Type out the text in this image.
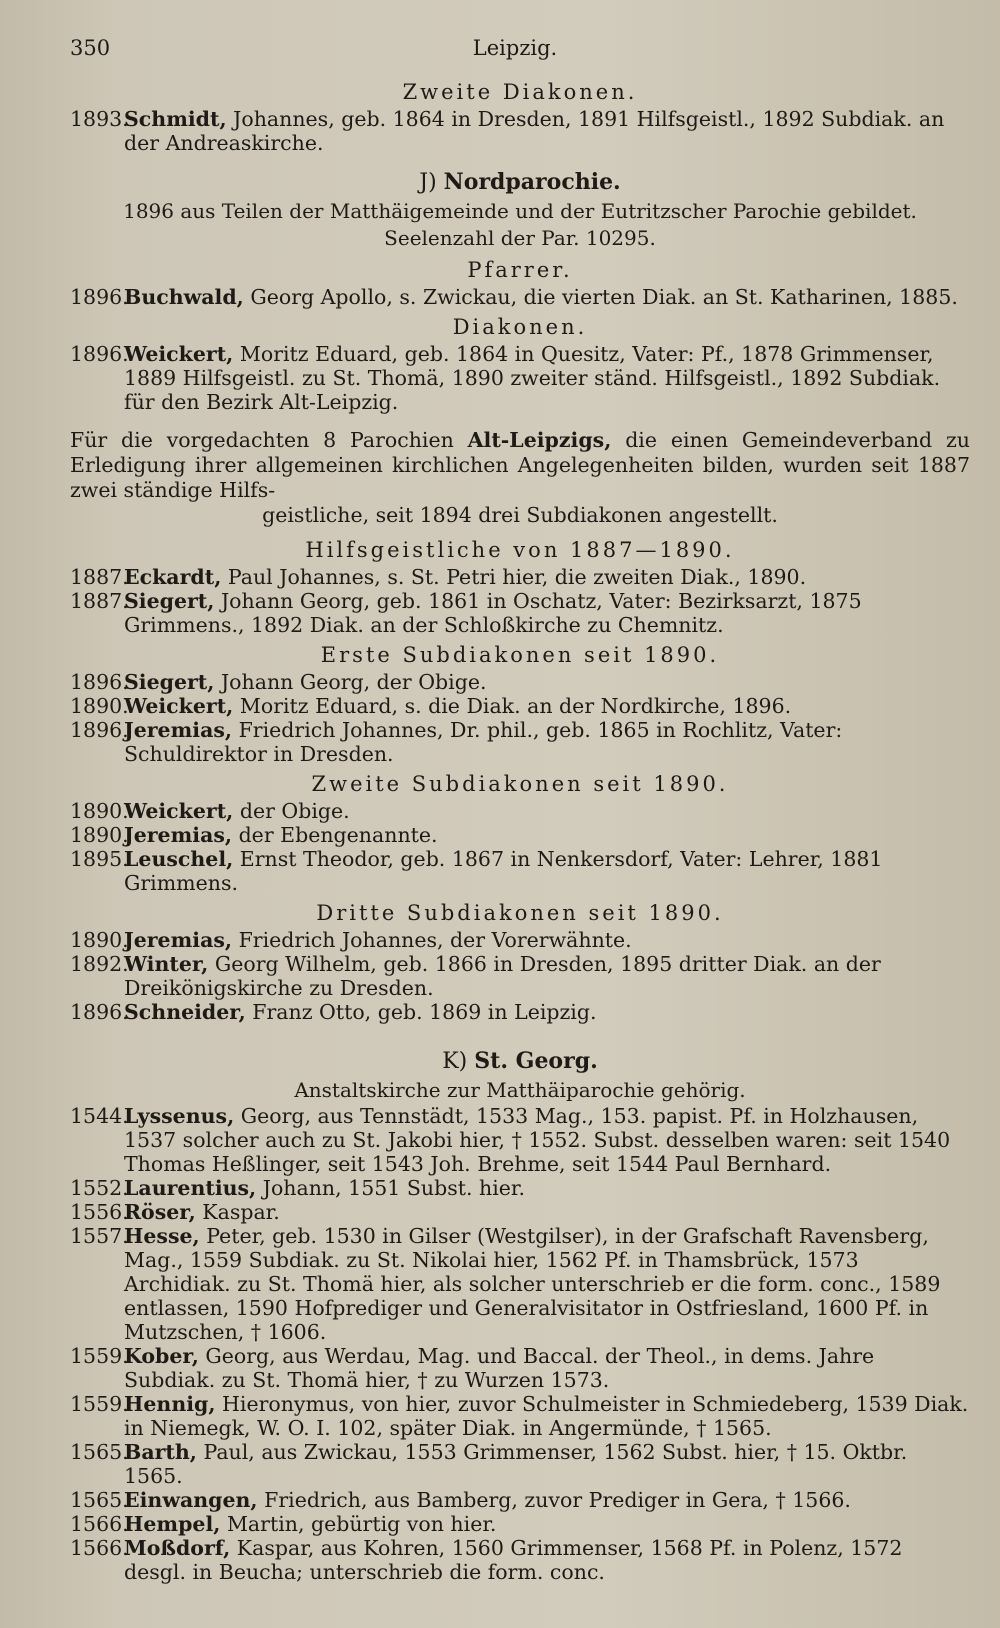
350	Leipzig.
Zweite Diakonen.
1893.
Schmidt, Johannes, geb. 1864 in Dresden, 1891 Hilfsgeistl., 1892 Subdiak. an der Andreaskirche.
J) Nordparochie.
1896 aus Teilen der Matthäigemeinde und der Eutritzscher Parochie gebildet.
Seelenzahl der Par. 10295.
Pfarrer.
1896.
Buchwald, Georg Apollo, s. Zwickau, die vierten Diak. an St. Katharinen, 1885.
Diakonen.
1896.
Weickert, Moritz Eduard, geb. 1864 in Quesitz, Vater: Pf., 1878 Grimmenser, 1889 Hilfsgeistl. zu St. Thomä, 1890 zweiter ständ. Hilfsgeistl., 1892 Subdiak. für den Bezirk Alt-Leipzig.
Für die vorgedachten 8 Parochien Alt-Leipzigs, die einen Gemeindeverband zu Erledigung ihrer allgemeinen kirchlichen Angelegenheiten bilden, wurden seit 1887 zwei ständige Hilfs-
geistliche, seit 1894 drei Subdiakonen angestellt.
Hilfsgeistliche von 1887—1890.
1887.
Eckardt, Paul Johannes, s. St. Petri hier, die zweiten Diak., 1890.
1887.
Siegert, Johann Georg, geb. 1861 in Oschatz, Vater: Bezirksarzt, 1875 Grimmens., 1892 Diak. an der Schloßkirche zu Chemnitz.
Erste Subdiakonen seit 1890.
1896.
Siegert, Johann Georg, der Obige.
1890.
Weickert, Moritz Eduard, s. die Diak. an der Nordkirche, 1896.
1896.
Jeremias, Friedrich Johannes, Dr. phil., geb. 1865 in Rochlitz, Vater: Schuldirektor in Dresden.
Zweite Subdiakonen seit 1890.
1890.
Weickert, der Obige.
1890.
Jeremias, der Ebengenannte.
1895.
Leuschel, Ernst Theodor, geb. 1867 in Nenkersdorf, Vater: Lehrer, 1881 Grimmens.
Dritte Subdiakonen seit 1890.
1890.
Jeremias, Friedrich Johannes, der Vorerwähnte.
1892.
Winter, Georg Wilhelm, geb. 1866 in Dresden, 1895 dritter Diak. an der Dreikönigskirche zu Dresden.
1896.
Schneider, Franz Otto, geb. 1869 in Leipzig.
K) St. Georg.
Anstaltskirche zur Matthäiparochie gehörig.
1544.
Lyssenus, Georg, aus Tennstädt, 1533 Mag., 153. papist. Pf. in Holzhausen, 1537 solcher auch zu St. Jakobi hier, † 1552. Subst. desselben waren: seit 1540 Thomas Heßlinger, seit 1543 Joh. Brehme, seit 1544 Paul Bernhard.
1552.
Laurentius, Johann, 1551 Subst. hier.
1556.
Röser, Kaspar.
1557.
Hesse, Peter, geb. 1530 in Gilser (Westgilser), in der Grafschaft Ravensberg, Mag., 1559 Subdiak. zu St. Nikolai hier, 1562 Pf. in Thamsbrück, 1573 Archidiak. zu St. Thomä hier, als solcher unterschrieb er die form. conc., 1589 entlassen, 1590 Hofprediger und Generalvisitator in Ostfriesland, 1600 Pf. in Mutzschen, † 1606.
1559.
Kober, Georg, aus Werdau, Mag. und Baccal. der Theol., in dems. Jahre Subdiak. zu St. Thomä hier, † zu Wurzen 1573.
1559.
Hennig, Hieronymus, von hier, zuvor Schulmeister in Schmiedeberg, 1539 Diak. in Niemegk, W. O. I. 102, später Diak. in Angermünde, † 1565.
1565.
Barth, Paul, aus Zwickau, 1553 Grimmenser, 1562 Subst. hier, † 15. Oktbr. 1565.
1565.
Einwangen, Friedrich, aus Bamberg, zuvor Prediger in Gera, † 1566.
1566.
Hempel, Martin, gebürtig von hier.
1566.
Moßdorf, Kaspar, aus Kohren, 1560 Grimmenser, 1568 Pf. in Polenz, 1572 desgl. in Beucha; unterschrieb die form. conc.
